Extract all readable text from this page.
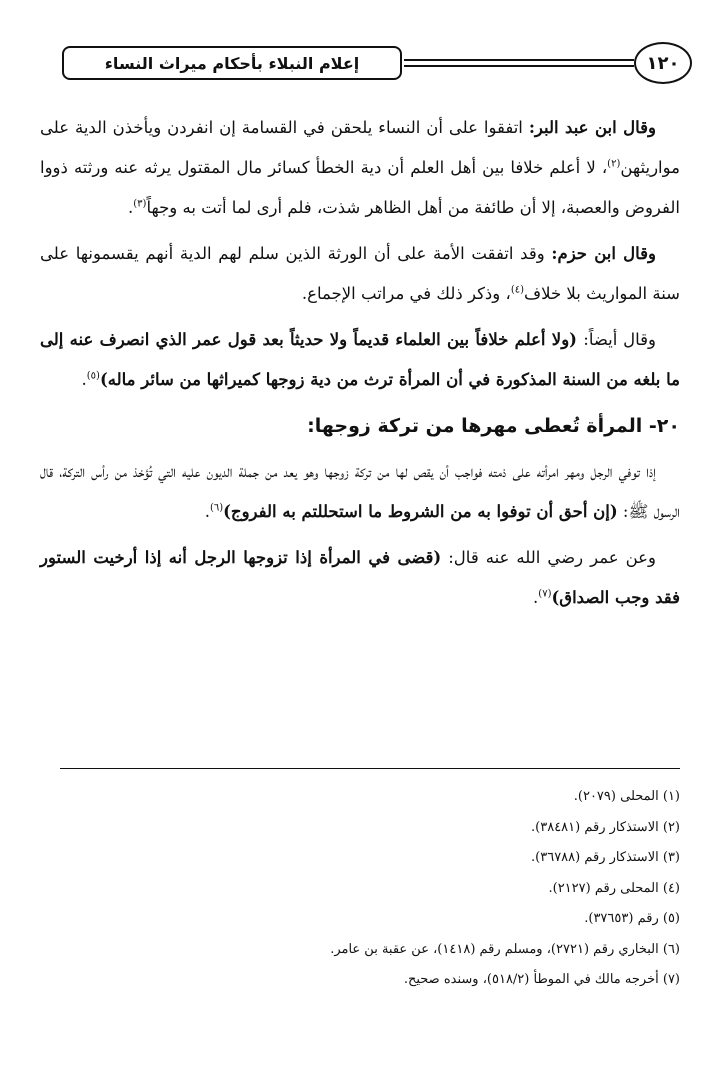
إعلام النبلاء بأحكام ميراث النساء	١٢٠

وقال ابن عبد البر: اتفقوا على أن النساء يلحقن في القسامة إن انفردن ويأخذن الدية على مواريثهن$^{(٢)}$، لا أعلم خلافا بين أهل العلم أن دية الخطأ كسائر مال المقتول يرثه عنه ورثته ذووا الفروض والعصبة، إلا أن طائفة من أهل الظاهر شذت، فلم أرى لما أتت به وجهاً$^{(٣)}$.

وقال ابن حزم: وقد اتفقت الأمة على أن الورثة الذين سلم لهم الدية أنهم يقسمونها على سنة المواريث بلا خلاف$^{(٤)}$، وذكر ذلك في مراتب الإجماع.

وقال أيضاً: (ولا أعلم خلافاً بين العلماء قديماً ولا حديثاً بعد قول عمر الذي انصرف عنه إلى ما بلغه من السنة المذكورة في أن المرأة ترث من دية زوجها كميراثها من سائر ماله)$^{(٥)}$.

٢٠- المرأة تُعطى مهرها من تركة زوجها:

إذا توفي الرجل ومهر امرأته على ذمته فواجب أن يقص لها من تركة زوجها وهو يعد من جملة الديون عليه التي تُؤخذ من رأس التركة، قال الرسول ﷺ: (إن أحق أن توفوا به من الشروط ما استحللتم به الفروج)$^{(٦)}$.

وعن عمر رضي الله عنه قال: (قضى في المرأة إذا تزوجها الرجل أنه إذا أرخيت الستور فقد وجب الصداق)$^{(٧)}$.

(١) المحلى (٢٠٧٩).

(٢) الاستذكار رقم (٣٨٤٨١).

(٣) الاستذكار رقم (٣٦٧٨٨).

(٤) المحلى رقم (٢١٢٧).

(٥) رقم (٣٧٦٥٣).

(٦) البخاري رقم (٢٧٢١)، ومسلم رقم (١٤١٨)، عن عقبة بن عامر.

(٧) أخرجه مالك في الموطأ (٥١٨/٢)، وسنده صحيح.
